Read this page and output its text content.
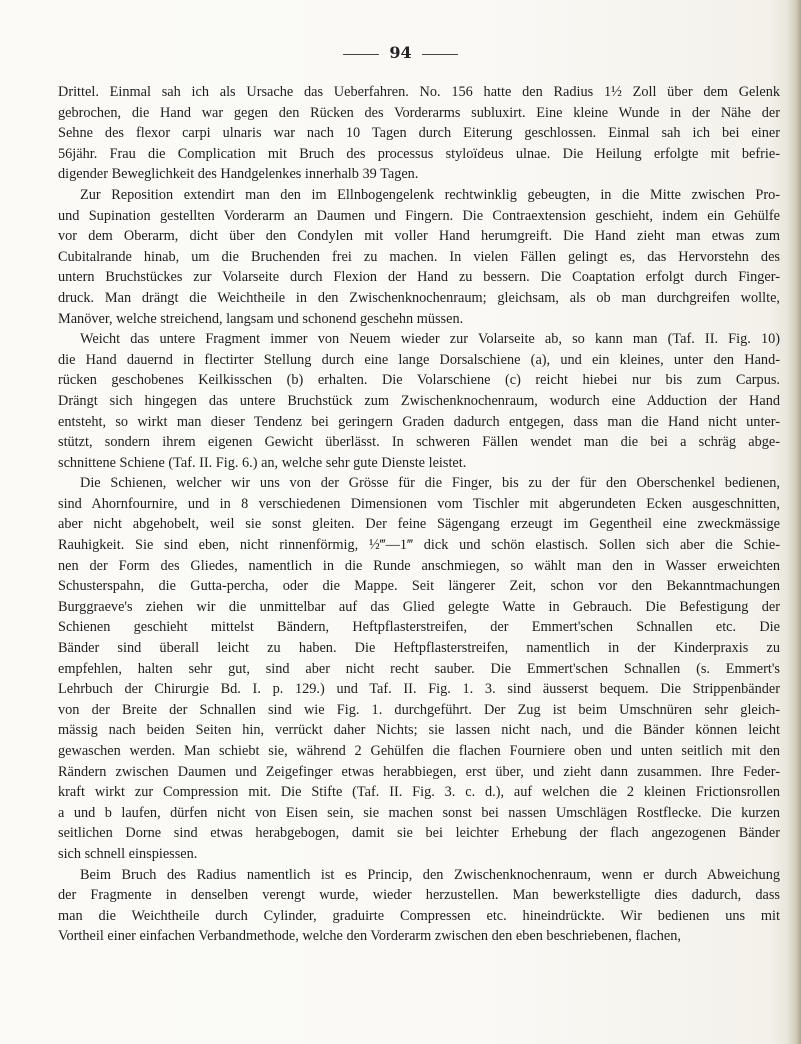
94

Drittel. Einmal sah ich als Ursache das Ueberfahren. No. 156 hatte den Radius 1½ Zoll über dem Gelenk
gebrochen, die Hand war gegen den Rücken des Vorderarms subluxirt. Eine kleine Wunde in der Nähe der
Sehne des flexor carpi ulnaris war nach 10 Tagen durch Eiterung geschlossen. Einmal sah ich bei einer
56jähr. Frau die Complication mit Bruch des processus styloïdeus ulnae. Die Heilung erfolgte mit befrie-
digender Beweglichkeit des Handgelenkes innerhalb 39 Tagen.

Zur Reposition extendirt man den im Ellnbogengelenk rechtwinklig gebeugten, in die Mitte zwischen Pro-
und Supination gestellten Vorderarm an Daumen und Fingern. Die Contraextension geschieht, indem ein Gehülfe
vor dem Oberarm, dicht über den Condylen mit voller Hand herumgreift. Die Hand zieht man etwas zum
Cubitalrande hinab, um die Bruchenden frei zu machen. In vielen Fällen gelingt es, das Hervorstehn des
untern Bruchstückes zur Volarseite durch Flexion der Hand zu bessern. Die Coaptation erfolgt durch Finger-
druck. Man drängt die Weichtheile in den Zwischenknochenraum; gleichsam, als ob man durchgreifen wollte,
Manöver, welche streichend, langsam und schonend geschehn müssen.

Weicht das untere Fragment immer von Neuem wieder zur Volarseite ab, so kann man (Taf. II. Fig. 10)
die Hand dauernd in flectirter Stellung durch eine lange Dorsalschiene (a), und ein kleines, unter den Hand-
rücken geschobenes Keilkisschen (b) erhalten. Die Volarschiene (c) reicht hiebei nur bis zum Carpus.
Drängt sich hingegen das untere Bruchstück zum Zwischenknochenraum, wodurch eine Adduction der Hand
entsteht, so wirkt man dieser Tendenz bei geringern Graden dadurch entgegen, dass man die Hand nicht unter-
stützt, sondern ihrem eigenen Gewicht überlässt. In schweren Fällen wendet man die bei a schräg abge-
schnittene Schiene (Taf. II. Fig. 6.) an, welche sehr gute Dienste leistet.

Die Schienen, welcher wir uns von der Grösse für die Finger, bis zu der für den Oberschenkel bedienen,
sind Ahornfournire, und in 8 verschiedenen Dimensionen vom Tischler mit abgerundeten Ecken ausgeschnitten,
aber nicht abgehobelt, weil sie sonst gleiten. Der feine Sägengang erzeugt im Gegentheil eine zweckmässige
Rauhigkeit. Sie sind eben, nicht rinnenförmig, ½‴—1‴ dick und schön elastisch. Sollen sich aber die Schie-
nen der Form des Gliedes, namentlich in die Runde anschmiegen, so wählt man den in Wasser erweichten
Schusterspahn, die Gutta-percha, oder die Mappe. Seit längerer Zeit, schon vor den Bekanntmachungen
Burggraeve's ziehen wir die unmittelbar auf das Glied gelegte Watte in Gebrauch. Die Befestigung der
Schienen geschieht mittelst Bändern, Heftpflasterstreifen, der Emmert'schen Schnallen etc. Die
Bänder sind überall leicht zu haben. Die Heftpflasterstreifen, namentlich in der Kinderpraxis zu
empfehlen, halten sehr gut, sind aber nicht recht sauber. Die Emmert'schen Schnallen (s. Emmert's
Lehrbuch der Chirurgie Bd. I. p. 129.) und Taf. II. Fig. 1. 3. sind äusserst bequem. Die Strippenbänder
von der Breite der Schnallen sind wie Fig. 1. durchgeführt. Der Zug ist beim Umschnüren sehr gleich-
mässig nach beiden Seiten hin, verrückt daher Nichts; sie lassen nicht nach, und die Bänder können leicht
gewaschen werden. Man schiebt sie, während 2 Gehülfen die flachen Fourniere oben und unten seitlich mit den
Rändern zwischen Daumen und Zeigefinger etwas herabbiegen, erst über, und zieht dann zusammen. Ihre Feder-
kraft wirkt zur Compression mit. Die Stifte (Taf. II. Fig. 3. c. d.), auf welchen die 2 kleinen Frictionsrollen
a und b laufen, dürfen nicht von Eisen sein, sie machen sonst bei nassen Umschlägen Rostflecke. Die kurzen
seitlichen Dorne sind etwas herabgebogen, damit sie bei leichter Erhebung der flach angezogenen Bänder
sich schnell einspiessen.

Beim Bruch des Radius namentlich ist es Princip, den Zwischenknochenraum, wenn er durch Abweichung
der Fragmente in denselben verengt wurde, wieder herzustellen. Man bewerkstelligte dies dadurch, dass
man die Weichtheile durch Cylinder, graduirte Compressen etc. hineindrückte. Wir bedienen uns mit
Vortheil einer einfachen Verbandmethode, welche den Vorderarm zwischen den eben beschriebenen, flachen,
